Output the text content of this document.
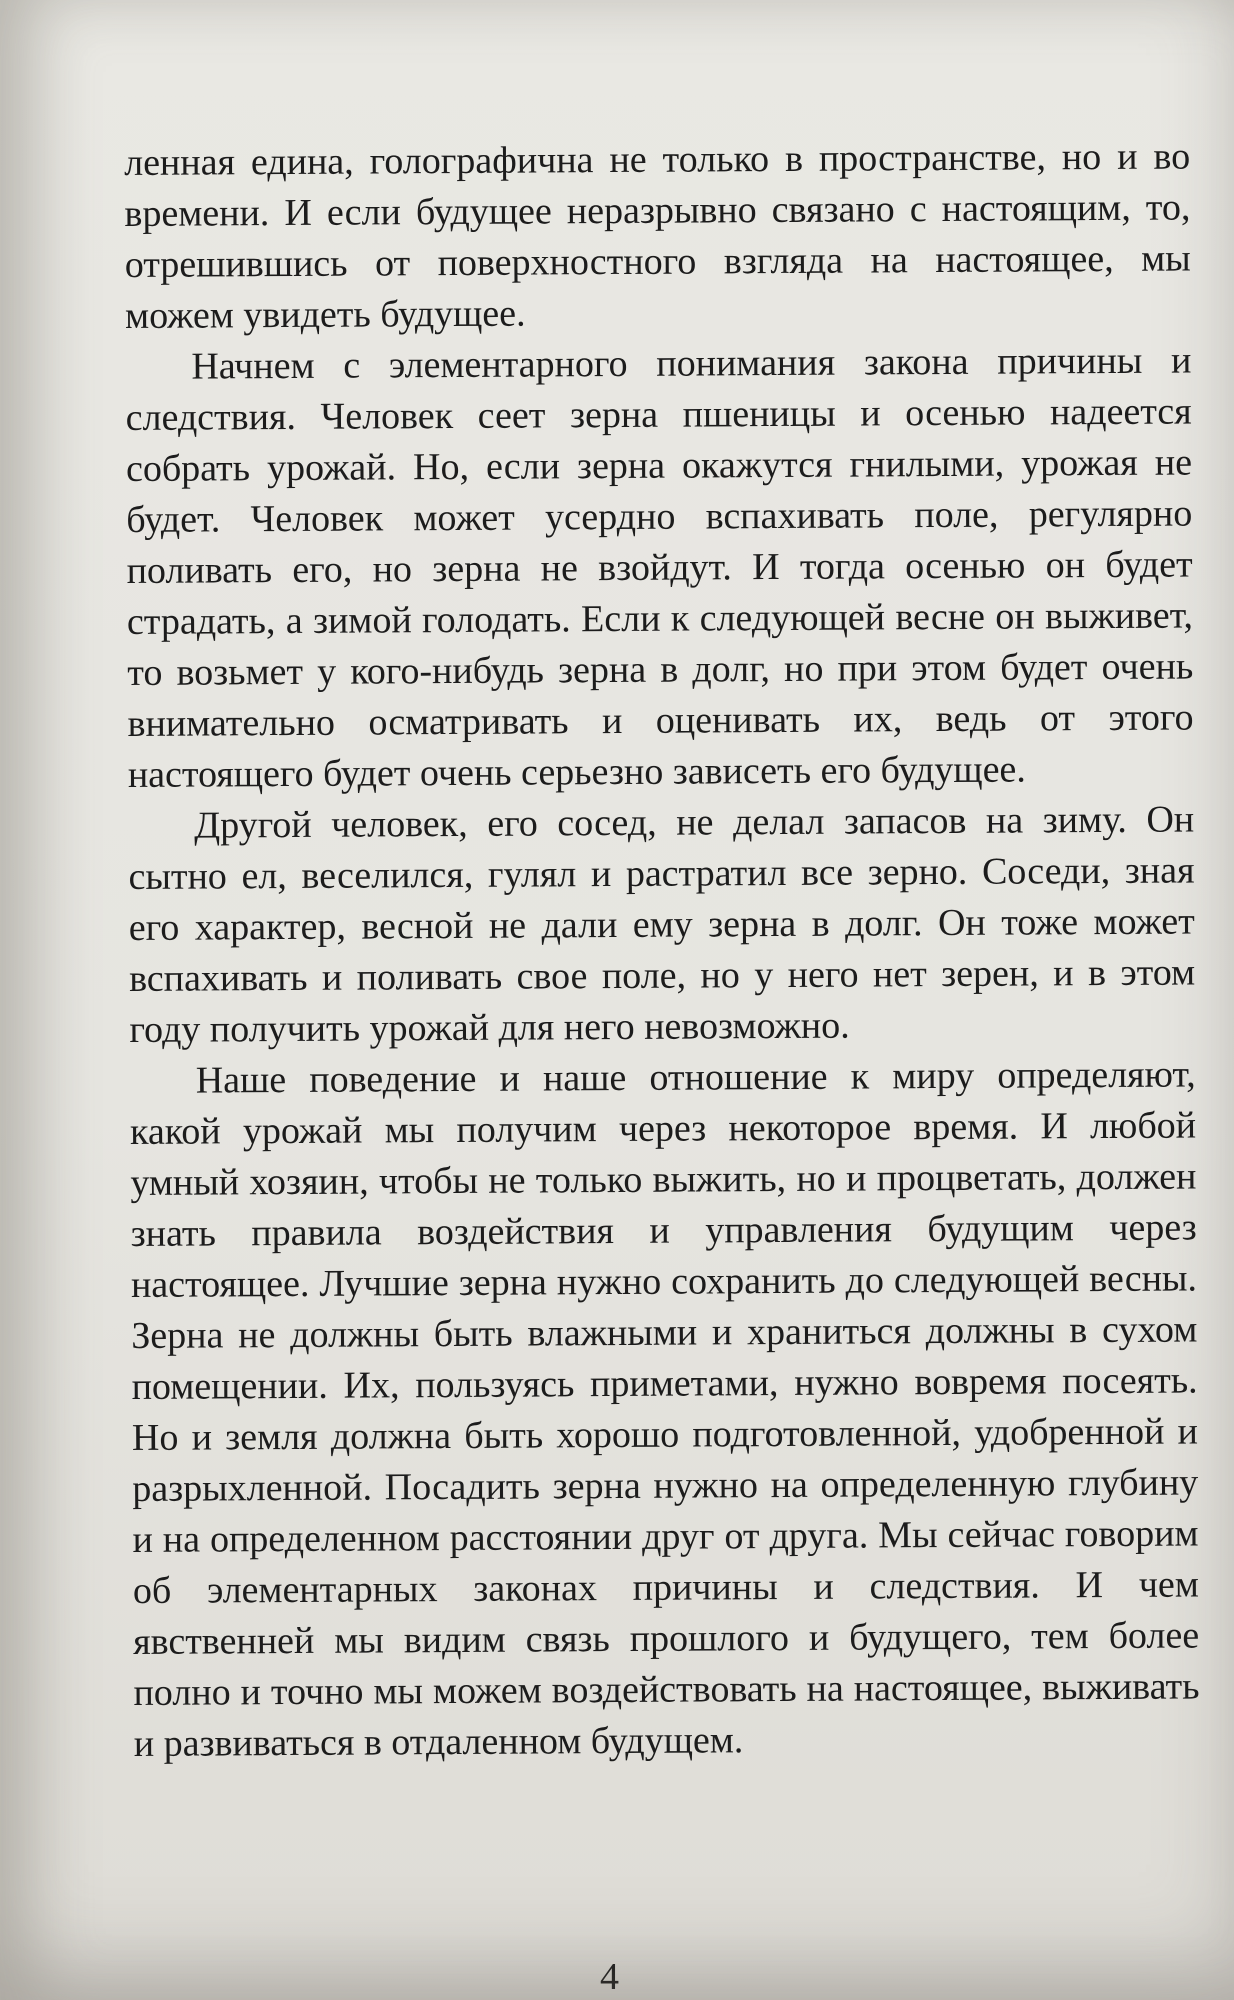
ленная едина, голографична не только в пространстве, но и во времени. И если будущее неразрывно связано с настоящим, то, отрешившись от поверхностного взгляда на настоящее, мы можем увидеть будущее.

Начнем с элементарного понимания закона причины и следствия. Человек сеет зерна пшеницы и осенью надеется собрать урожай. Но, если зерна окажутся гнилыми, урожая не будет. Человек может усердно вспахивать поле, регулярно поливать его, но зерна не взойдут. И тогда осенью он будет страдать, а зимой голодать. Если к следующей весне он выживет, то возьмет у кого-нибудь зерна в долг, но при этом будет очень внимательно осматривать и оценивать их, ведь от этого настоящего будет очень серьезно зависеть его будущее.

Другой человек, его сосед, не делал запасов на зиму. Он сытно ел, веселился, гулял и растратил все зерно. Соседи, зная его характер, весной не дали ему зерна в долг. Он тоже может вспахивать и поливать свое поле, но у него нет зерен, и в этом году получить урожай для него невозможно.

Наше поведение и наше отношение к миру определяют, какой урожай мы получим через некоторое время. И любой умный хозяин, чтобы не только выжить, но и процветать, должен знать правила воздействия и управления будущим через настоящее. Лучшие зерна нужно сохранить до следующей весны. Зерна не должны быть влажными и храниться должны в сухом помещении. Их, пользуясь приметами, нужно вовремя посеять. Но и земля должна быть хорошо подготовленной, удобренной и разрыхленной. Посадить зерна нужно на определенную глубину и на определенном расстоянии друг от друга. Мы сейчас говорим об элементарных законах причины и следствия. И чем явственней мы видим связь прошлого и будущего, тем более полно и точно мы можем воздействовать на настоящее, выживать и развиваться в отдаленном будущем.

4
